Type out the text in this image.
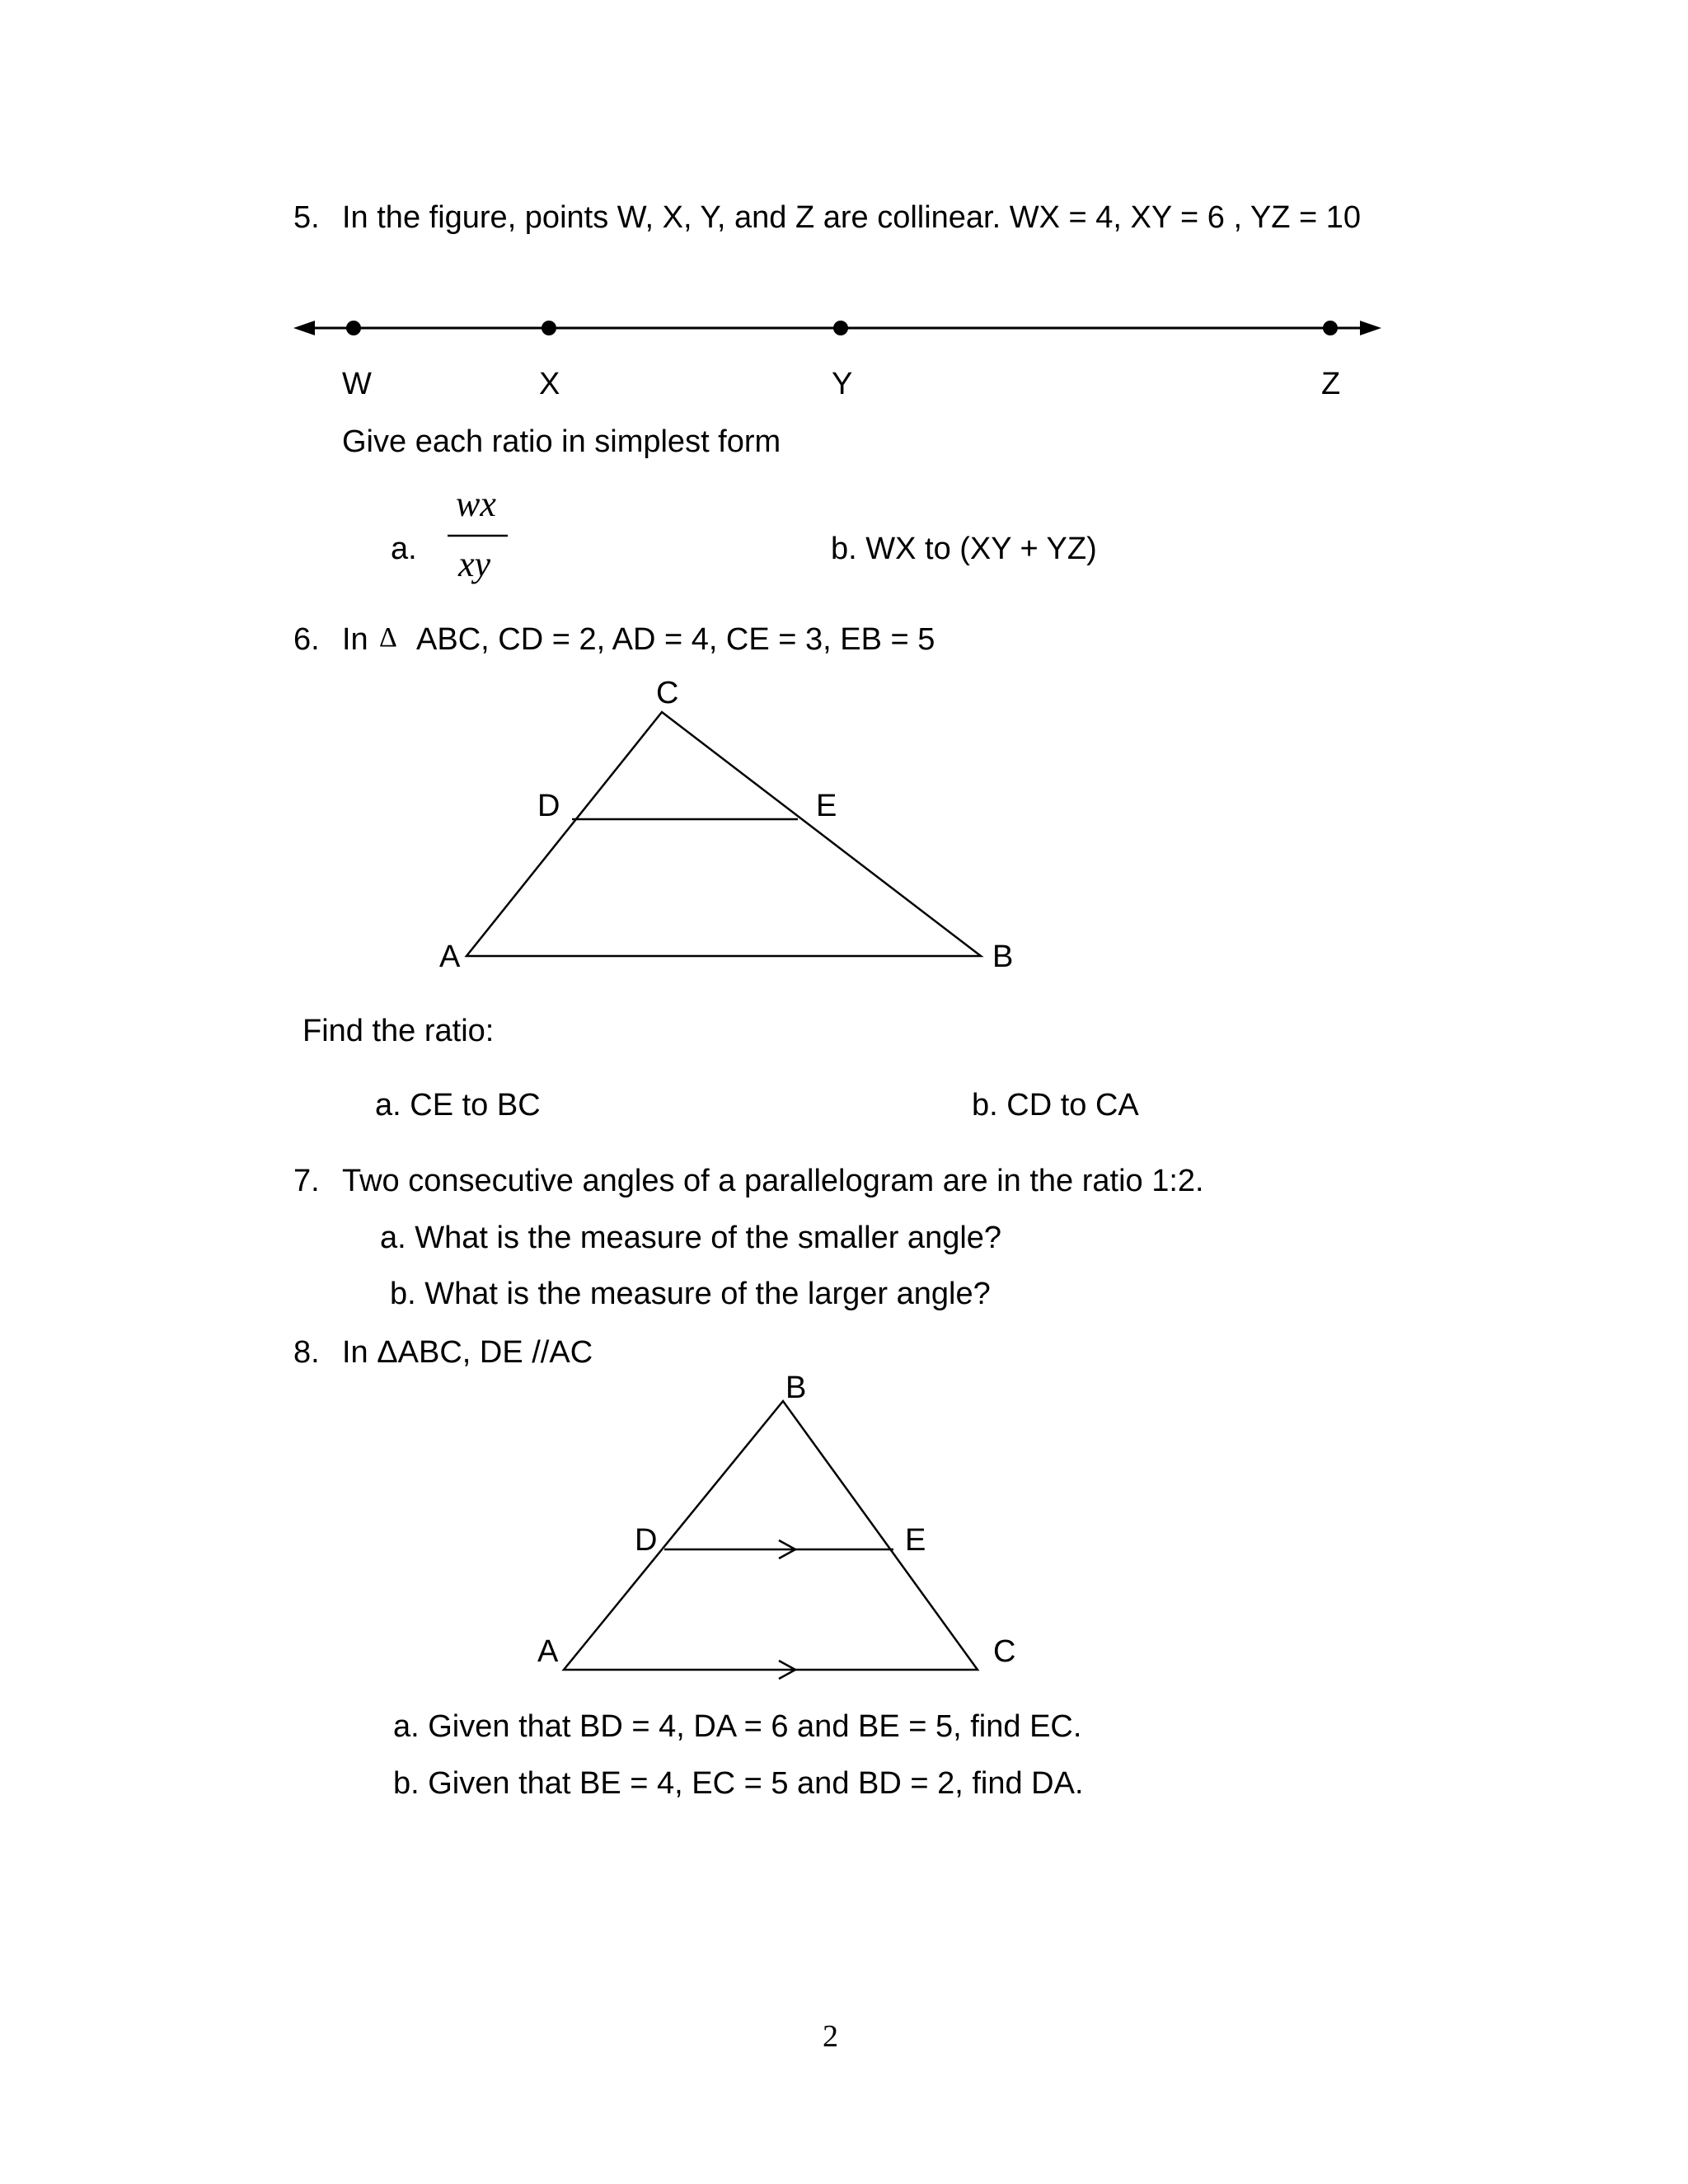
5. In the figure, points W, X, Y, and Z are collinear. WX = 4, XY = 6 , YZ = 10
W	X	Y	Z
Give each ratio in simplest form
a.
wx
xy	b. WX to (XY + YZ)
6. In Δ ABC, CD = 2, AD = 4, CE = 3, EB = 5
C
D	E
A	B
Find the ratio:
a. CE to BC	b. CD to CA
7. Two consecutive angles of a parallelogram are in the ratio 1:2.
a. What is the measure of the smaller angle?
b. What is the measure of the larger angle?
8. In ΔABC, DE //AC
B
D	E
A	C
a. Given that BD = 4, DA = 6 and BE = 5, find EC.
b. Given that BE = 4, EC = 5 and BD = 2, find DA.
2
